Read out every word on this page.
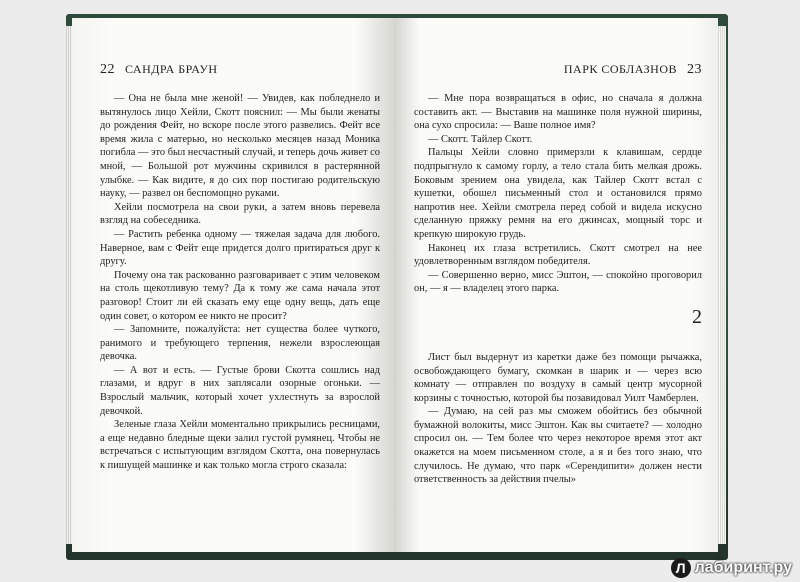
22 САНДРА БРАУН

— Она не была мне женой! — Увидев, как побледнело и вытянулось лицо Хейли, Скотт пояснил: — Мы были женаты до рождения Фейт, но вскоре после этого развелись. Фейт все время жила с матерью, но несколько месяцев назад Моника погибла — это был несчастный случай, и теперь дочь живет со мной, — Большой рот мужчины скривился в растерянной улыбке. — Как видите, я до сих пор постигаю родительскую науку, — развел он беспомощно руками.

Хейли посмотрела на свои руки, а затем вновь перевела взгляд на собеседника.

— Растить ребенка одному — тяжелая задача для любого. Наверное, вам с Фейт еще придется долго притираться друг к другу.

Почему она так раскованно разговаривает с этим человеком на столь щекотливую тему? Да к тому же сама начала этот разговор! Стоит ли ей сказать ему еще одну вещь, дать еще один совет, о котором ее никто не просит?

— Запомните, пожалуйста: нет существа более чуткого, ранимого и требующего терпения, нежели взрослеющая девочка.

— А вот и есть. — Густые брови Скотта сошлись над глазами, и вдруг в них заплясали озорные огоньки. — Взрослый мальчик, который хочет ухлестнуть за взрослой девочкой.

Зеленые глаза Хейли моментально прикрылись ресницами, а еще недавно бледные щеки залил густой румянец. Чтобы не встречаться с испытующим взглядом Скотта, она повернулась к пишущей машинке и как только могла строго сказала:

ПАРК СОБЛАЗНОВ 23

— Мне пора возвращаться в офис, но сначала я должна составить акт. — Выставив на машинке поля нужной ширины, она сухо спросила: — Ваше полное имя?

— Скотт. Тайлер Скотт.

Пальцы Хейли словно примерзли к клавишам, сердце подпрыгнуло к самому горлу, а тело стала бить мелкая дрожь. Боковым зрением она увидела, как Тайлер Скотт встал с кушетки, обошел письменный стол и остановился прямо напротив нее. Хейли смотрела перед собой и видела искусно сделанную пряжку ремня на его джинсах, мощный торс и крепкую широкую грудь.

Наконец их глаза встретились. Скотт смотрел на нее удовлетворенным взглядом победителя.

— Совершенно верно, мисс Эштон, — спокойно проговорил он, — я — владелец этого парка.

2

Лист был выдернут из каретки даже без помощи рычажка, освобождающего бумагу, скомкан в шарик и — через всю комнату — отправлен по воздуху в самый центр мусорной корзины с точностью, которой бы позавидовал Уилт Чамберлен.

— Думаю, на сей раз мы сможем обойтись без обычной бумажной волокиты, мисс Эштон. Как вы считаете? — холодно спросил он. — Тем более что через некоторое время этот акт окажется на моем письменном столе, а я и без того знаю, что случилось. Не думаю, что парк «Серендипити» должен нести ответственность за действия пчелы»

Л лабиринт.ру
